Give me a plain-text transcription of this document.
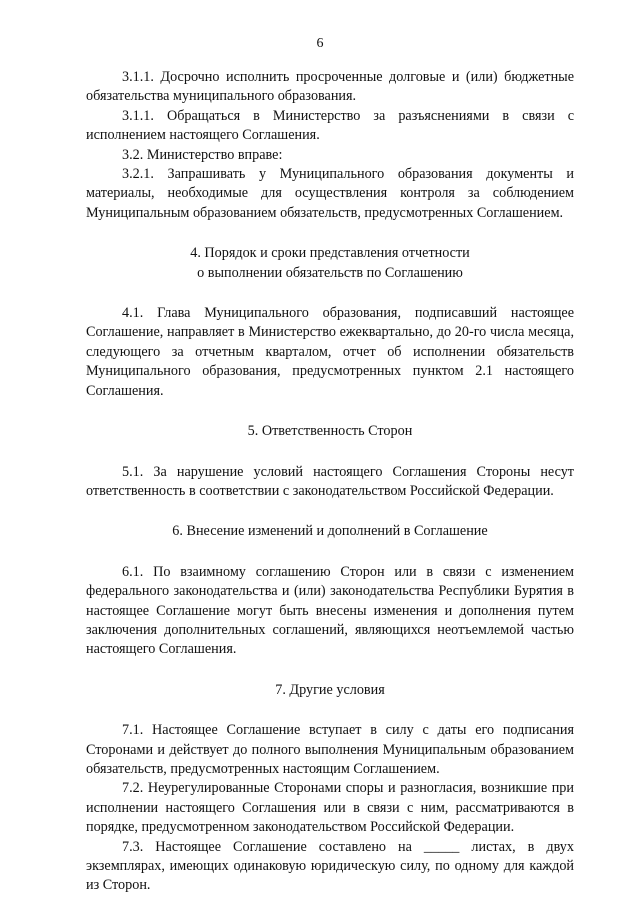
6

3.1.1. Досрочно исполнить просроченные долговые и (или) бюджетные обязательства муниципального образования.

3.1.1. Обращаться в Министерство за разъяснениями в связи с исполнением настоящего Соглашения.

3.2. Министерство вправе:

3.2.1. Запрашивать у Муниципального образования документы и материалы, необходимые для осуществления контроля за соблюдением Муниципальным образованием обязательств, предусмотренных Соглашением.

4. Порядок и сроки представления отчетности
о выполнении обязательств по Соглашению

4.1. Глава Муниципального образования, подписавший настоящее Соглашение, направляет в Министерство ежеквартально, до 20-го числа месяца, следующего за отчетным кварталом, отчет об исполнении обязательств Муниципального образования, предусмотренных пунктом 2.1 настоящего Соглашения.

5. Ответственность Сторон

5.1. За нарушение условий настоящего Соглашения Стороны несут ответственность в соответствии с законодательством Российской Федерации.

6. Внесение изменений и дополнений в Соглашение

6.1. По взаимному соглашению Сторон или в связи с изменением федерального законодательства и (или) законодательства Республики Бурятия в настоящее Соглашение могут быть внесены изменения и дополнения путем заключения дополнительных соглашений, являющихся неотъемлемой частью настоящего Соглашения.

7. Другие условия

7.1. Настоящее Соглашение вступает в силу с даты его подписания Сторонами и действует до полного выполнения Муниципальным образованием обязательств, предусмотренных настоящим Соглашением.

7.2. Неурегулированные Сторонами споры и разногласия, возникшие при исполнении настоящего Соглашения или в связи с ним, рассматриваются в порядке, предусмотренном законодательством Российской Федерации.

7.3. Настоящее Соглашение составлено на _____ листах, в двух экземплярах, имеющих одинаковую юридическую силу, по одному для каждой из Сторон.
